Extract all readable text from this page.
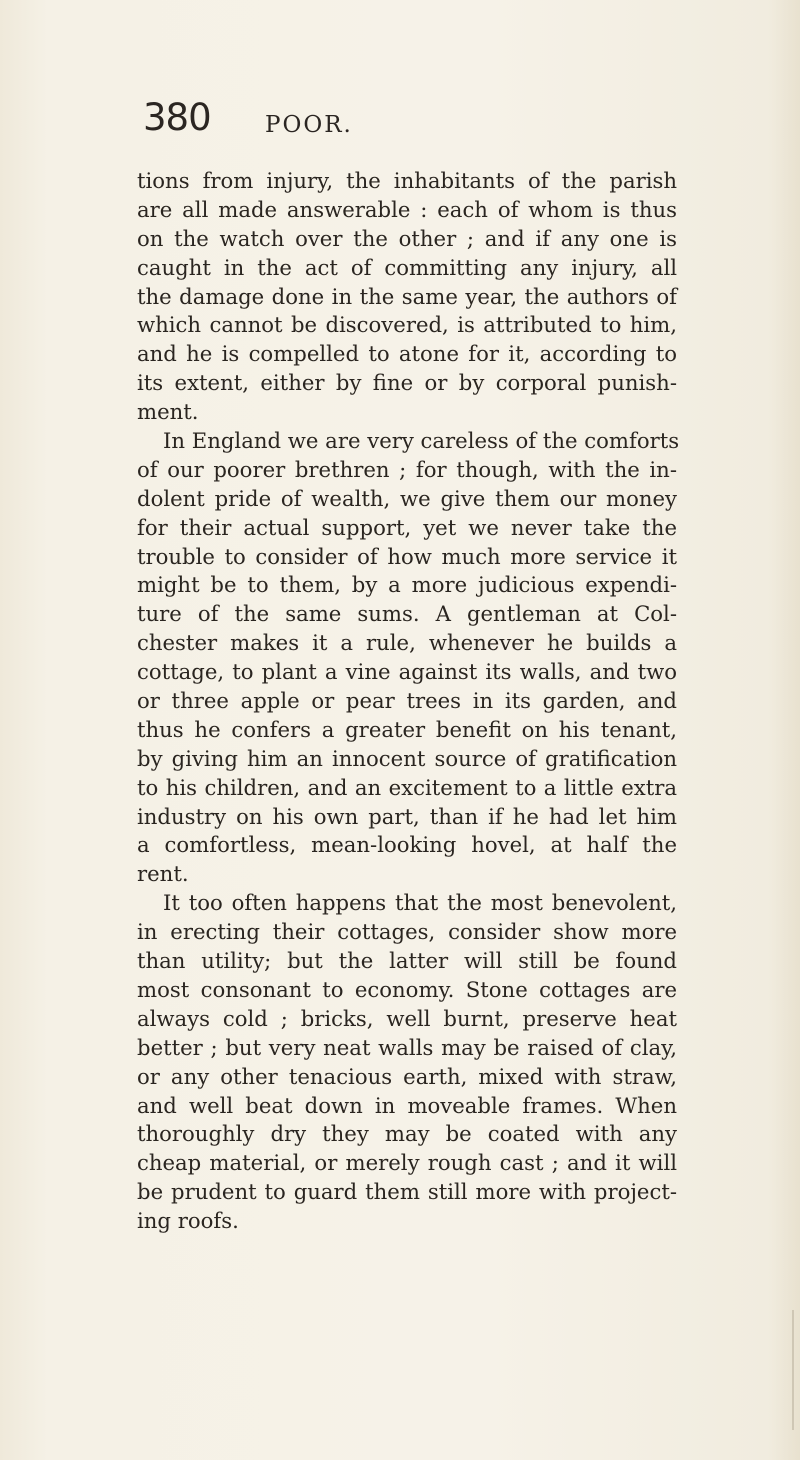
380 POOR.
tions from injury, the inhabitants of the parish
are all made answerable : each of whom is thus
on the watch over the other ; and if any one is
caught in the act of committing any injury, all
the damage done in the same year, the authors of
which cannot be discovered, is attributed to him,
and he is compelled to atone for it, according to
its extent, either by fine or by corporal punish-
ment.
In England we are very careless of the comforts
of our poorer brethren ; for though, with the in-
dolent pride of wealth, we give them our money
for their actual support, yet we never take the
trouble to consider of how much more service it
might be to them, by a more judicious expendi-
ture of the same sums. A gentleman at Col-
chester makes it a rule, whenever he builds a
cottage, to plant a vine against its walls, and two
or three apple or pear trees in its garden, and
thus he confers a greater benefit on his tenant,
by giving him an innocent source of gratification
to his children, and an excitement to a little extra
industry on his own part, than if he had let him
a comfortless, mean-looking hovel, at half the
rent.
It too often happens that the most benevolent,
in erecting their cottages, consider show more
than utility; but the latter will still be found
most consonant to economy. Stone cottages are
always cold ; bricks, well burnt, preserve heat
better ; but very neat walls may be raised of clay,
or any other tenacious earth, mixed with straw,
and well beat down in moveable frames. When
thoroughly dry they may be coated with any
cheap material, or merely rough cast ; and it will
be prudent to guard them still more with project-
ing roofs.
